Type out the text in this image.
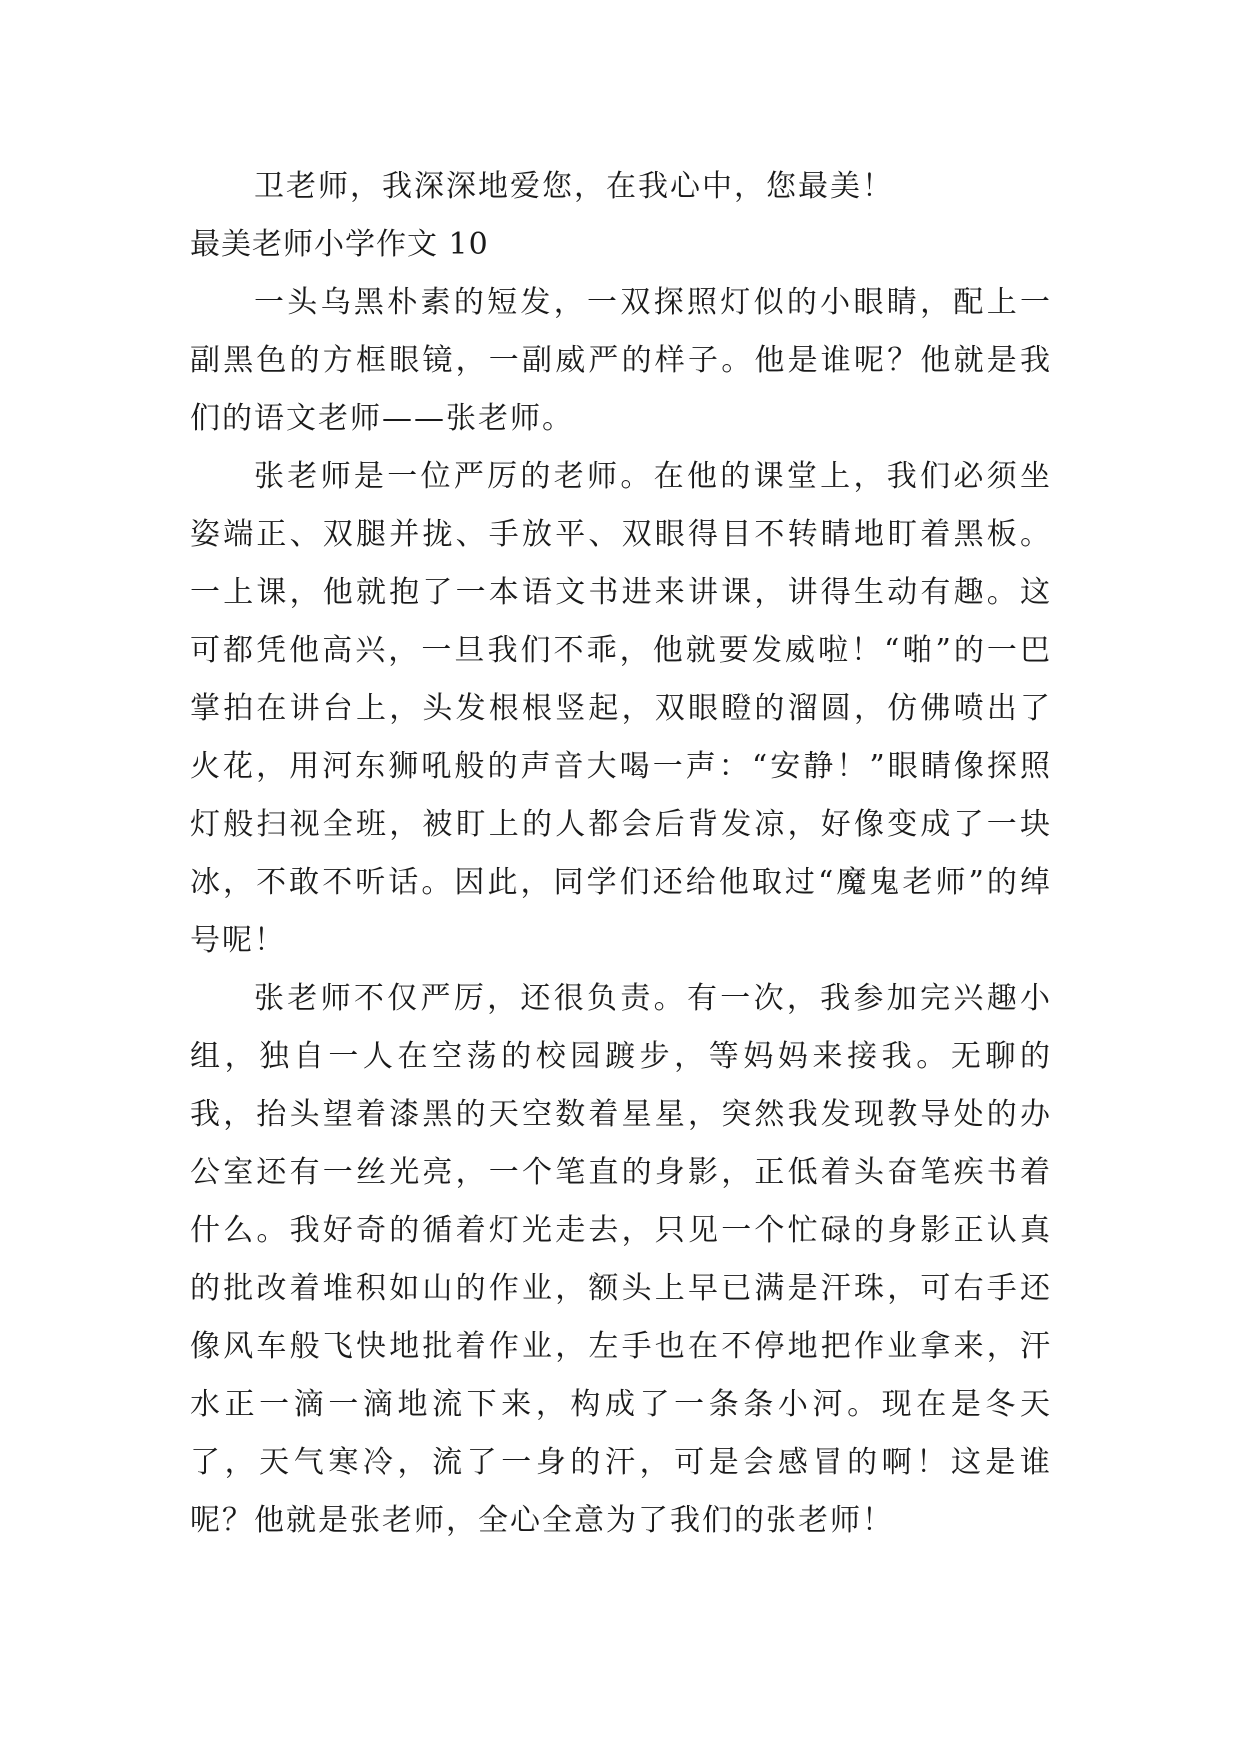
卫老师，我深深地爱您，在我心中，您最美！

最美老师小学作文 10

一头乌黑朴素的短发，一双探照灯似的小眼睛，配上一副黑色的方框眼镜，一副威严的样子。他是谁呢？他就是我们的语文老师——张老师。

张老师是一位严厉的老师。在他的课堂上，我们必须坐姿端正、双腿并拢、手放平、双眼得目不转睛地盯着黑板。一上课，他就抱了一本语文书进来讲课，讲得生动有趣。这可都凭他高兴，一旦我们不乖，他就要发威啦！“啪”的一巴掌拍在讲台上，头发根根竖起，双眼瞪的溜圆，仿佛喷出了火花，用河东狮吼般的声音大喝一声：“安静！”眼睛像探照灯般扫视全班，被盯上的人都会后背发凉，好像变成了一块冰，不敢不听话。因此，同学们还给他取过“魔鬼老师”的绰号呢！

张老师不仅严厉，还很负责。有一次，我参加完兴趣小组，独自一人在空荡的校园踱步，等妈妈来接我。无聊的我，抬头望着漆黑的天空数着星星，突然我发现教导处的办公室还有一丝光亮，一个笔直的身影，正低着头奋笔疾书着什么。我好奇的循着灯光走去，只见一个忙碌的身影正认真的批改着堆积如山的作业，额头上早已满是汗珠，可右手还像风车般飞快地批着作业，左手也在不停地把作业拿来，汗水正一滴一滴地流下来，构成了一条条小河。现在是冬天了，天气寒冷，流了一身的汗，可是会感冒的啊！这是谁呢？他就是张老师，全心全意为了我们的张老师！
